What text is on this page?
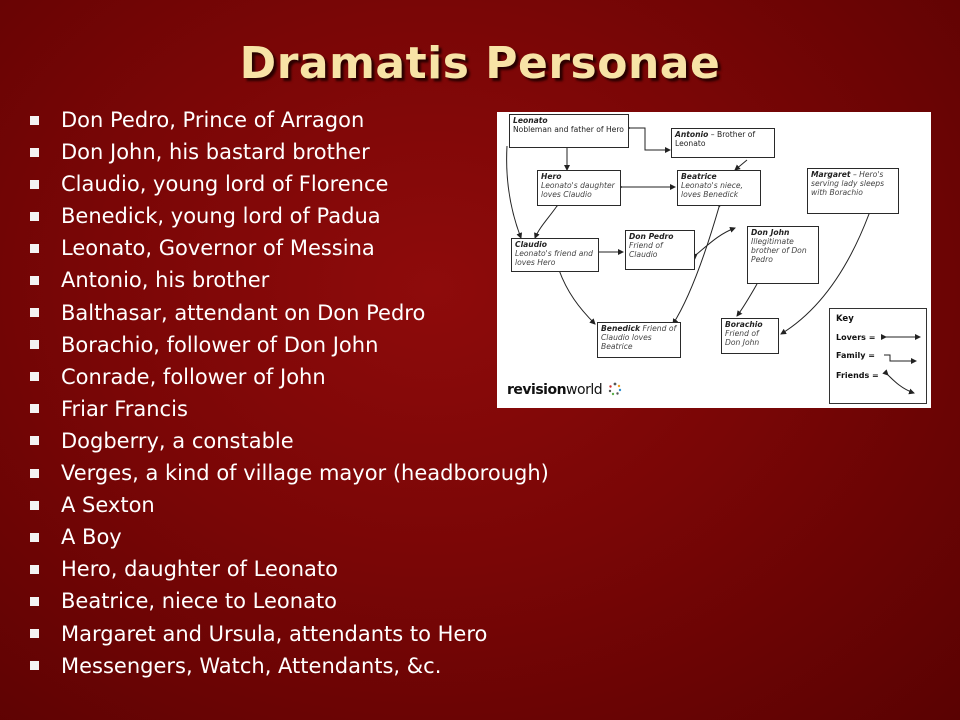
Dramatis Personae
Don Pedro, Prince of Arragon
Don John, his bastard brother
Claudio, young lord of Florence
Benedick, young lord of Padua
Leonato, Governor of Messina
Antonio, his brother
Balthasar, attendant on Don Pedro
Borachio, follower of Don John
Conrade, follower of John
Friar Francis
Dogberry, a constable
Verges, a kind of village mayor (headborough)
A Sexton
A Boy
Hero, daughter of Leonato
Beatrice, niece to Leonato
Margaret and Ursula, attendants to Hero
Messengers, Watch, Attendants, &c.
Leonato
Nobleman and father of Hero
Antonio – Brother of Leonato
Hero
Leonato's daughter loves Claudio
Beatrice
Leonato's niece, loves Benedick
Margaret – Hero's serving lady sleeps with Borachio
Claudio
Leonato's friend and loves Hero
Don Pedro
Friend of Claudio
Don John
Illegitimate brother of Don Pedro
Benedick Friend of Claudio loves Beatrice
Borachio
Friend of Don John
Key
Lovers =
Family =
Friends =
revisionworld
